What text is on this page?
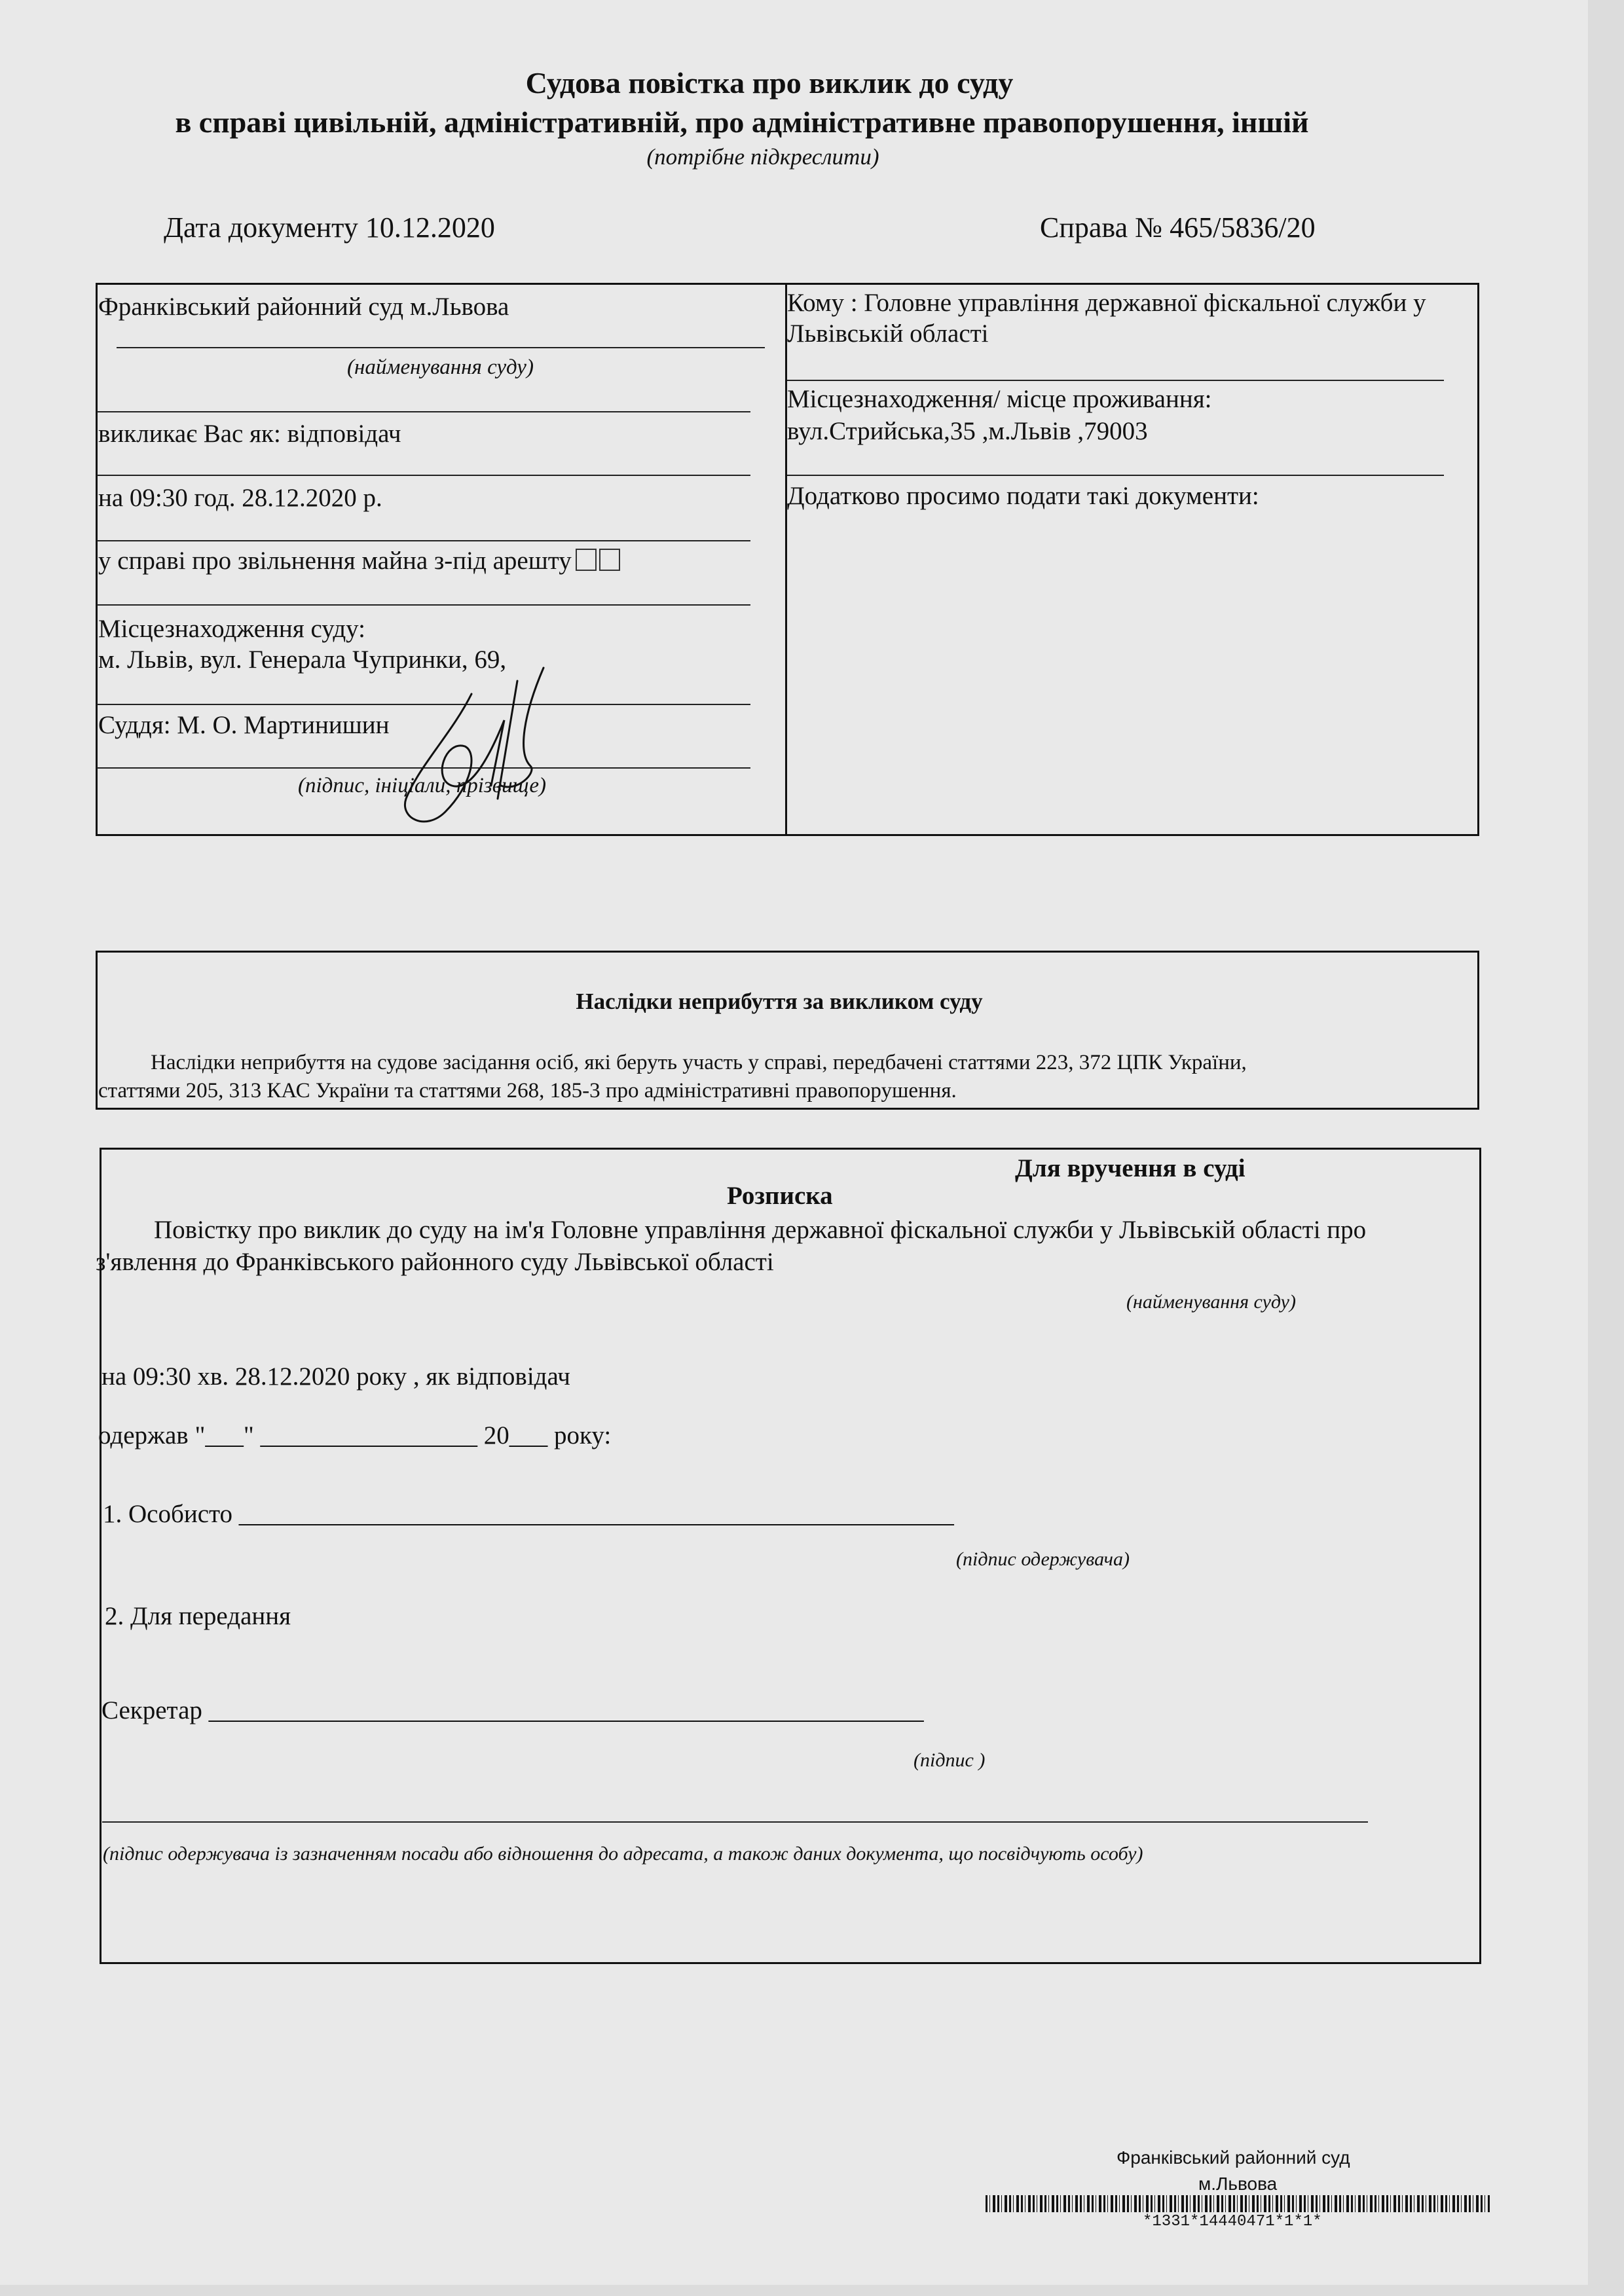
Судова повістка про виклик до суду
в справі цивільній, адміністративній, про адміністративне правопорушення, іншій
(потрібне підкреслити)
Дата документу 10.12.2020	Справа № 465/5836/20
Франківський районний суд м.Львова
(найменування суду)
викликає Вас як: відповідач
на 09:30 год. 28.12.2020 р.
у справі про звільнення майна з-під арешту
Місцезнаходження суду:
м. Львів, вул. Генерала Чупринки, 69,
Суддя: М. О. Мартинишин
(підпис, ініціали, прізвище)
Кому : Головне управління державної фіскальної служби у
Львівській області
Місцезнаходження/ місце проживання:
вул.Стрийська,35 ,м.Львів ,79003
Додатково просимо подати такі документи:
Наслідки неприбуття за викликом суду
Наслідки неприбуття на судове засідання осіб, які беруть участь у справі, передбачені статтями 223, 372 ЦПК України,
статтями 205, 313 КАС України та статтями 268, 185-3 про адміністративні правопорушення.
Для вручення в суді
Розписка
Повістку про виклик до суду на ім'я Головне управління державної фіскальної служби у Львівській області про
з'явлення до Франківського районного суду Львівської області
(найменування суду)
на 09:30 хв. 28.12.2020 року , як відповідач
одержав "___" _________________ 20___ року:
1. Особисто ________________________________________________________
(підпис одержувача)
2. Для передання
Секретар ________________________________________________________
(підпис )
(підпис одержувача із зазначенням посади або відношення до адресата, а також даних документа, що посвідчують особу)
Франківський районний суд
м.Львова
*1331*14440471*1*1*
